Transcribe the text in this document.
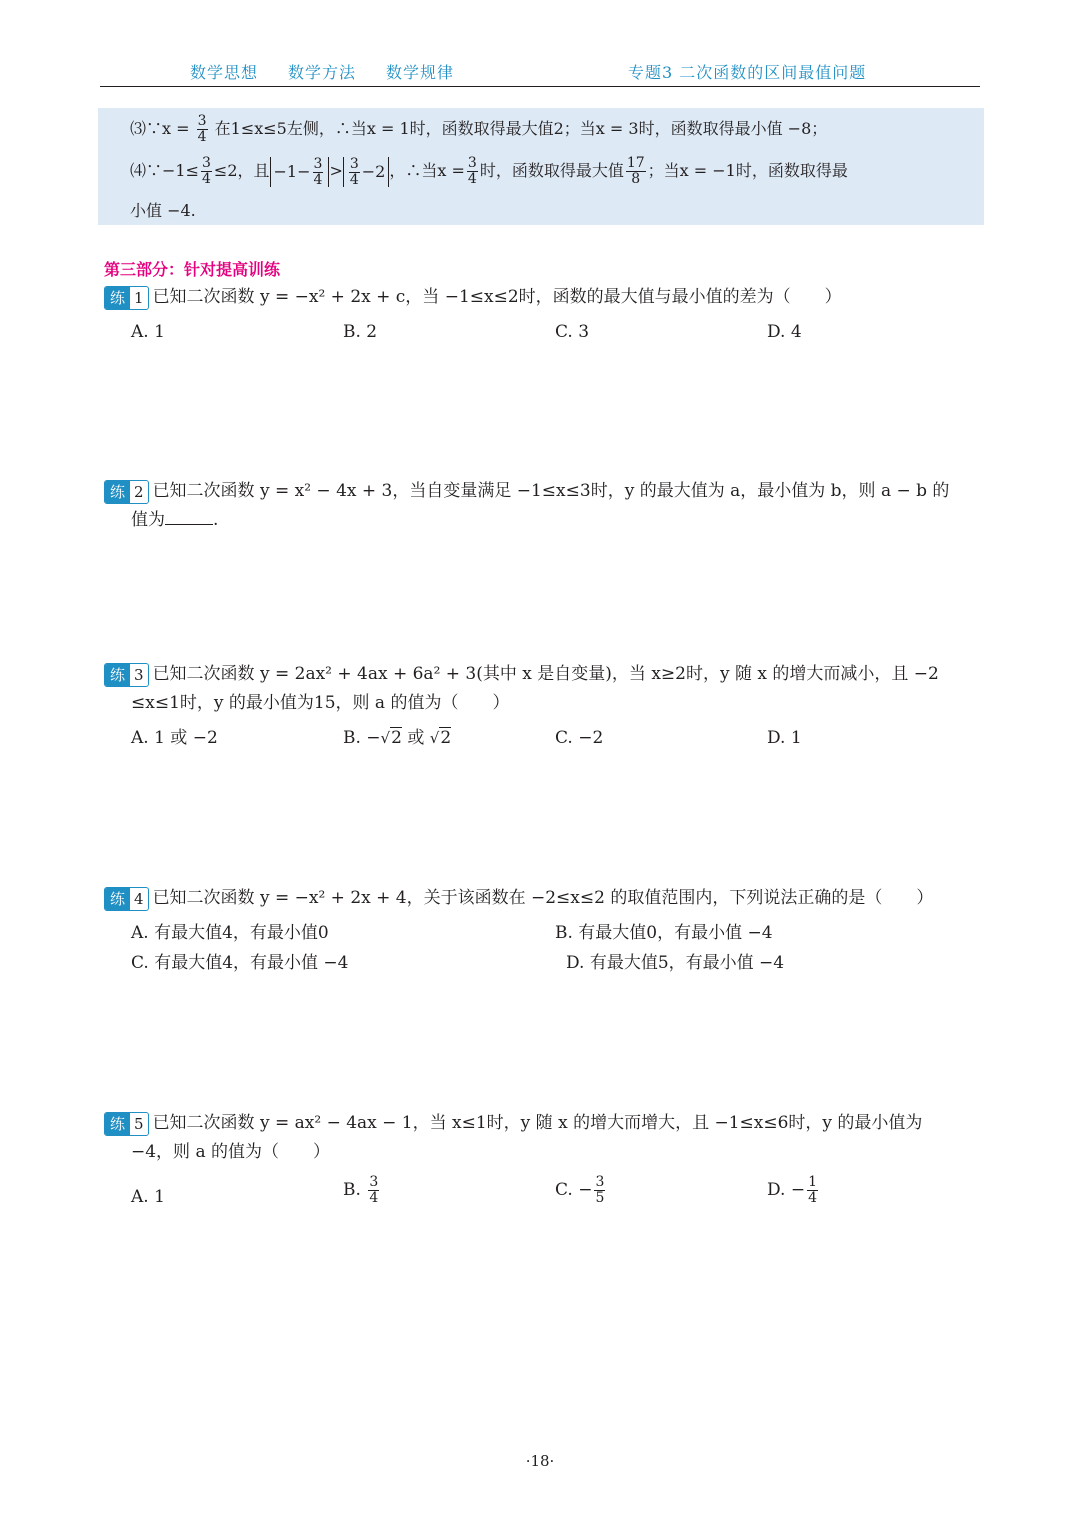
数学思想 数学方法 数学规律	专题3 二次函数的区间最值问题
⑶∵x = $\frac{3}{4}$ 在1≤x≤5左侧，∴当x = 1时，函数取得最大值2；当x = 3时，函数取得最小值 −8；
⑷∵−1≤ $\frac{3}{4} \le 2$，且 $-1- \frac{3}{4} > \frac{3}{4} -2$ ，∴当$x = \frac{3}{4}$ 时，函数取得最大值 $\frac{17}{8}$ ；当x = −1时，函数取得最
小值 −4.
第三部分：针对提高训练
练 1 已知二次函数 y = −x² + 2x + c，当 −1≤x≤2时，函数的最大值与最小值的差为（　　）
A. 1	B. 2	C. 3	D. 4
练 2 已知二次函数 y = x² − 4x + 3，当自变量满足 −1≤x≤3时，y 的最大值为 a，最小值为 b，则 a − b 的
值为	.
练 3 已知二次函数 y = 2ax² + 4ax + 6a² + 3(其中 x 是自变量)，当 x≥2时，y 随 x 的增大而减小，且 −2
≤x≤1时，y 的最小值为15，则 a 的值为（　　）
A. 1 或 −2	B. −√2 或 √2	C. −2	D. 1
练 4 已知二次函数 y = −x² + 2x + 4，关于该函数在 −2≤x≤2 的取值范围内，下列说法正确的是（　　）
A. 有最大值4，有最小值0	B. 有最大值0，有最小值 −4
C. 有最大值4，有最小值 −4	D. 有最大值5，有最小值 −4
练 5 已知二次函数 y = ax² − 4ax − 1，当 x≤1时，y 随 x 的增大而增大，且 −1≤x≤6时，y 的最小值为
−4，则 a 的值为（　　）
A. 1	B. $\frac{3}{4}$	C. − $\frac{3}{5}$	D. − $\frac{1}{4}$
·18·
